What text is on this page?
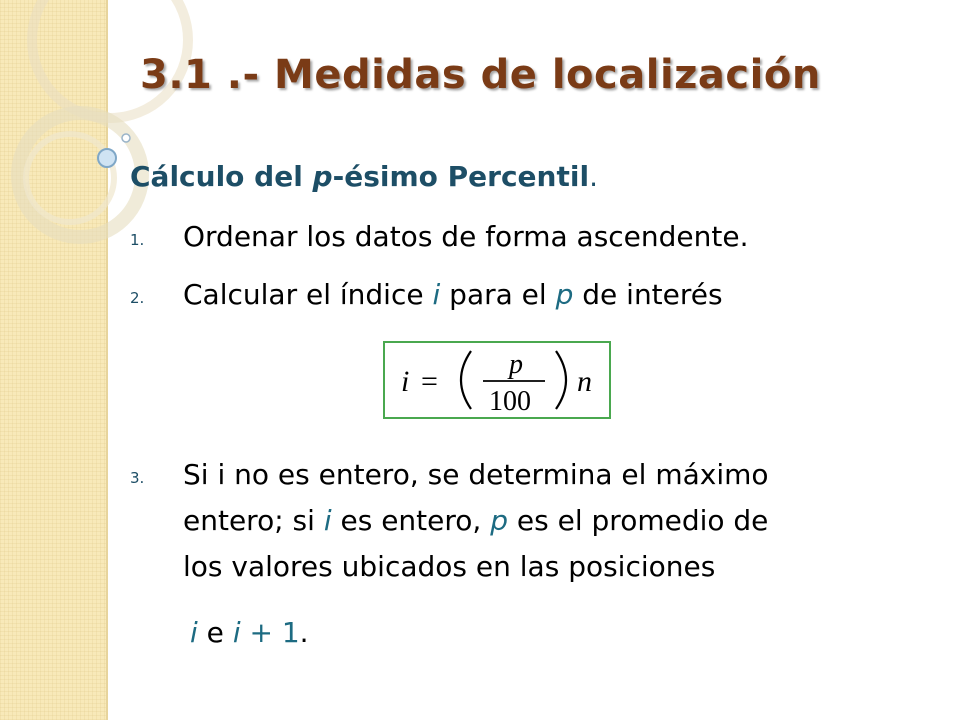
3.1 .- Medidas de localización
Cálculo del p-ésimo Percentil.
1.	Ordenar los datos de forma ascendente.
2.	Calcular el índice i para el p de interés
i =
p
100
n
3.	Si i no es entero, se determina el máximo
entero; si i es entero, p es el promedio de
los valores ubicados en las posiciones
i e i + 1.
